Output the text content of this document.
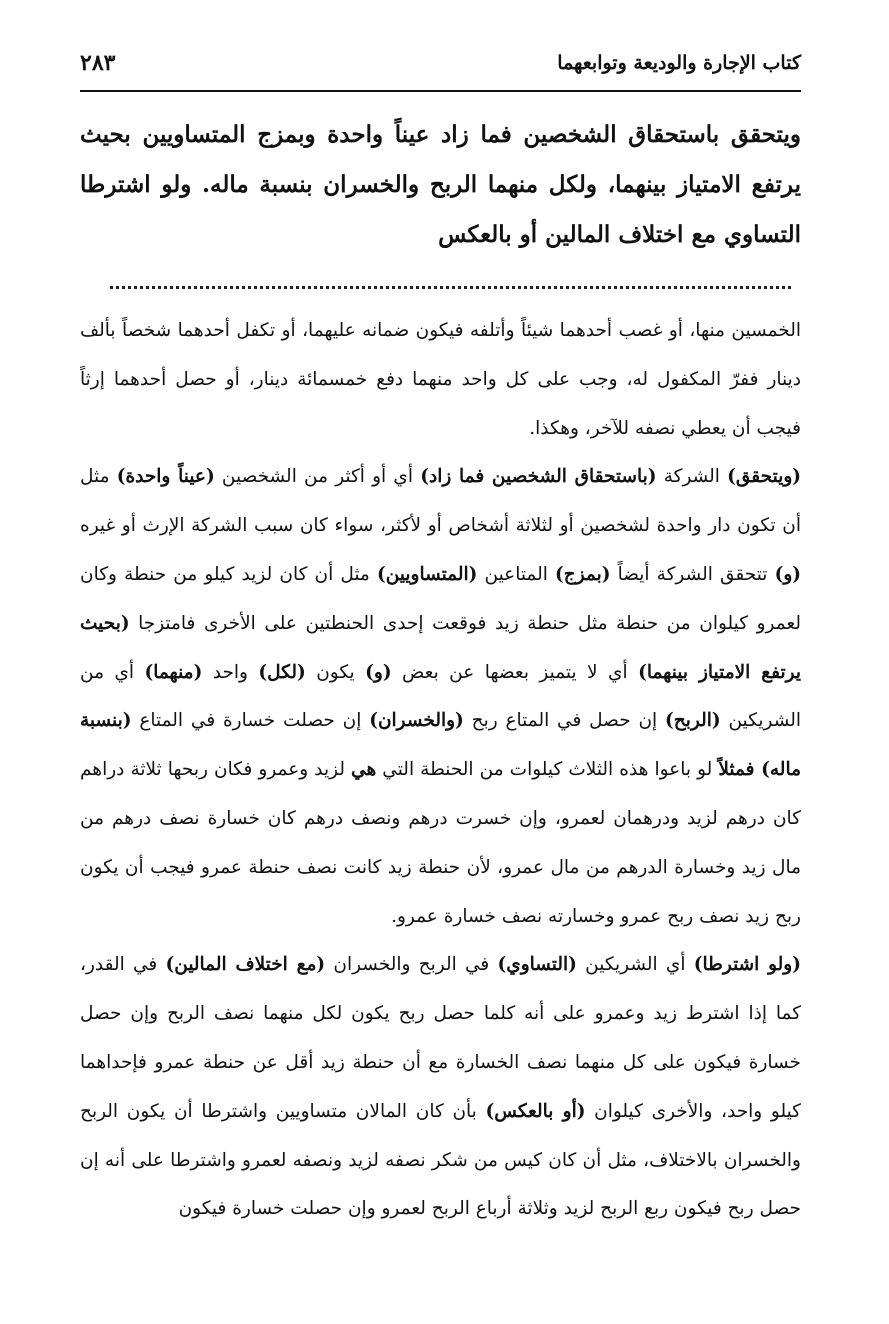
كتاب الإجارة والوديعة وتوابعهما
٢٨٣
ويتحقق باستحقاق الشخصين فما زاد عيناً واحدة وبمزج المتساويين بحيث يرتفع الامتياز بينهما، ولكل منهما الربح والخسران بنسبة ماله. ولو اشترطا التساوي مع اختلاف المالين أو بالعكس

الخمسين منها، أو غصب أحدهما شيئاً وأتلفه فيكون ضمانه عليهما، أو تكفل أحدهما شخصاً بألف دينار ففرّ المكفول له، وجب على كل واحد منهما دفع خمسمائة دينار، أو حصل أحدهما إرثاً فيجب أن يعطي نصفه للآخر، وهكذا.

(ويتحقق) الشركة (باستحقاق الشخصين فما زاد) أي أو أكثر من الشخصين (عيناً واحدة) مثل أن تكون دار واحدة لشخصين أو لثلاثة أشخاص أو لأكثر، سواء كان سبب الشركة الإرث أو غيره (و) تتحقق الشركة أيضاً (بمزج) المتاعين (المتساويين) مثل أن كان لزيد كيلو من حنطة وكان لعمرو كيلوان من حنطة مثل حنطة زيد فوقعت إحدى الحنطتين على الأخرى فامتزجا (بحيث يرتفع الامتياز بينهما) أي لا يتميز بعضها عن بعض (و) يكون (لكل) واحد (منهما) أي من الشريكين (الربح) إن حصل في المتاع ربح (والخسران) إن حصلت خسارة في المتاع (بنسبة ماله) فمثلاً لو باعوا هذه الثلاث كيلوات من الحنطة التي هي لزيد وعمرو فكان ربحها ثلاثة دراهم كان درهم لزيد ودرهمان لعمرو، وإن خسرت درهم ونصف درهم كان خسارة نصف درهم من مال زيد وخسارة الدرهم من مال عمرو، لأن حنطة زيد كانت نصف حنطة عمرو فيجب أن يكون ربح زيد نصف ربح عمرو وخسارته نصف خسارة عمرو.

(ولو اشترطا) أي الشريكين (التساوي) في الربح والخسران (مع اختلاف المالين) في القدر، كما إذا اشترط زيد وعمرو على أنه كلما حصل ربح يكون لكل منهما نصف الربح وإن حصل خسارة فيكون على كل منهما نصف الخسارة مع أن حنطة زيد أقل عن حنطة عمرو فإحداهما كيلو واحد، والأخرى كيلوان (أو بالعكس) بأن كان المالان متساويين واشترطا أن يكون الربح والخسران بالاختلاف، مثل أن كان كيس من شكر نصفه لزيد ونصفه لعمرو واشترطا على أنه إن حصل ربح فيكون ربع الربح لزيد وثلاثة أرباع الربح لعمرو وإن حصلت خسارة فيكون
